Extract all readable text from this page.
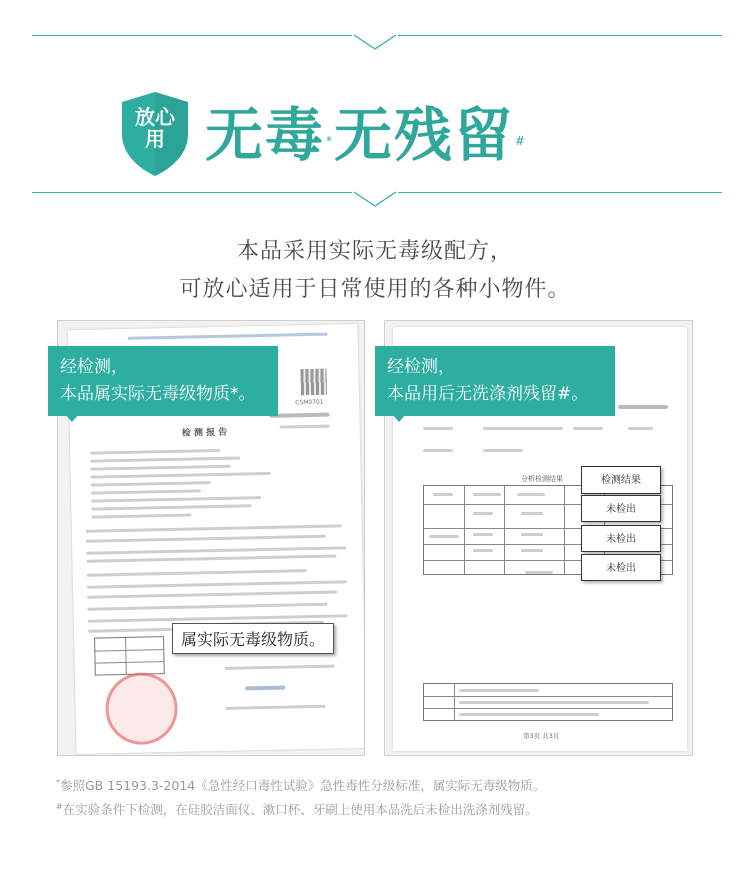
放心
用 无毒*无残留#
本品采用实际无毒级配方，
可放心适用于日常使用的各种小物件。
CSM0701
检 测 报 告
属实际无毒级物质。
经检测，
本品属实际无毒级物质*。
分析检测结果
第3页 共3页
检测结果
未检出
未检出
未检出
经检测，
本品用后无洗涤剂残留#。
*参照GB 15193.3-2014《急性经口毒性试验》急性毒性分级标准，属实际无毒级物质。
#在实验条件下检测，在硅胶洁面仪、漱口杯、牙刷上使用本品洗后未检出洗涤剂残留。
